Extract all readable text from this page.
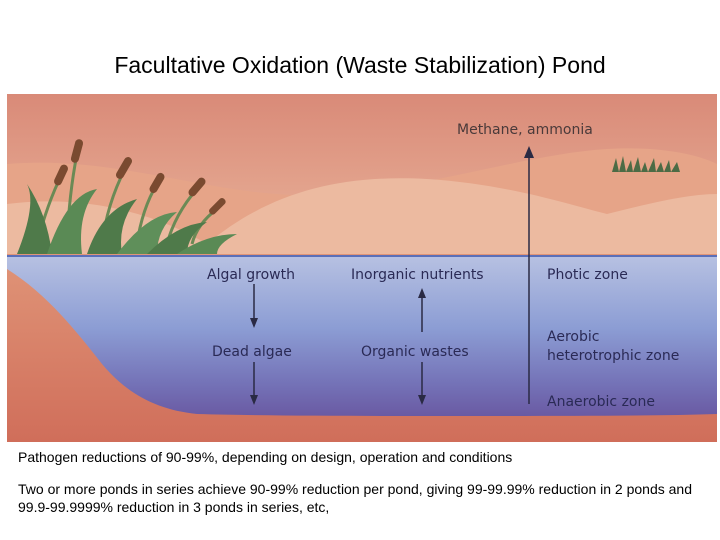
Facultative Oxidation (Waste Stabilization) Pond
Methane, ammonia
Algal growth	Inorganic nutrients	Photic zone
Dead algae	Organic wastes
Aerobic
heterotrophic zone
Anaerobic zone

Pathogen reductions of 90-99%, depending on design, operation and conditions

Two or more ponds in series achieve 90-99% reduction per pond, giving 99-99.99% reduction in 2 ponds and 99.9-99.9999% reduction in 3 ponds in series, etc,
